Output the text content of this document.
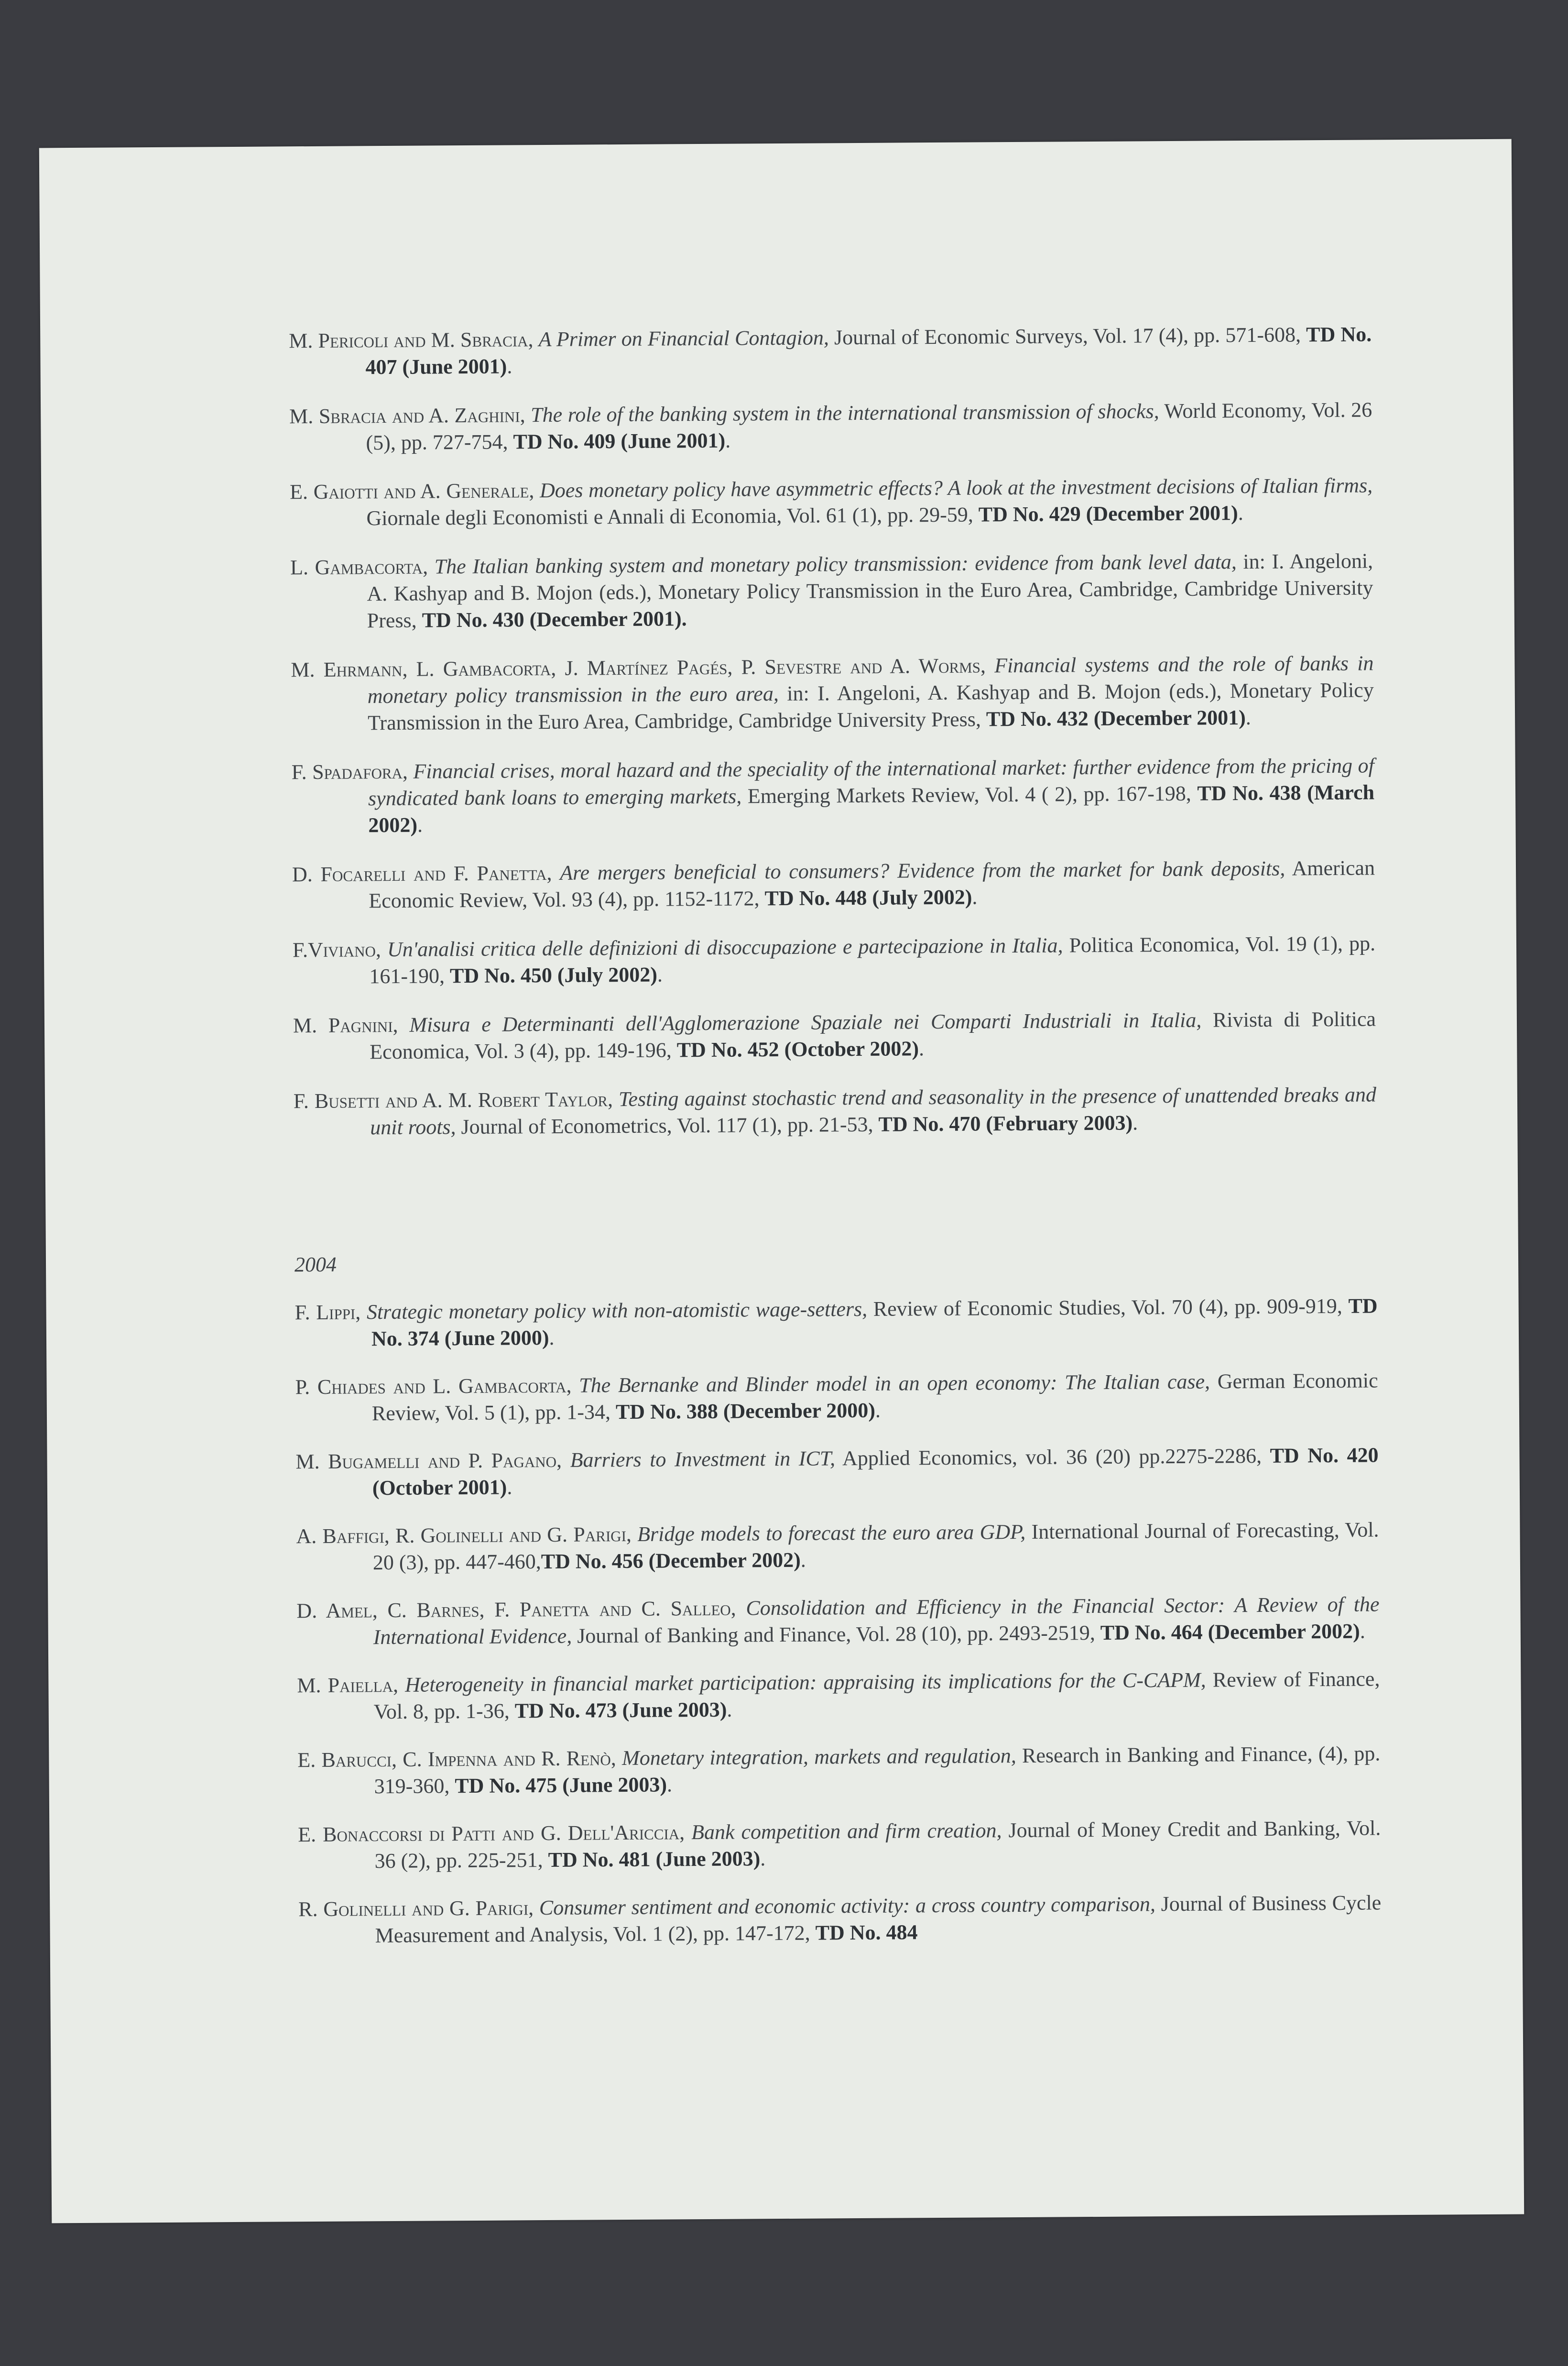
M. Pericoli and M. Sbracia, A Primer on Financial Contagion, Journal of Economic Surveys, Vol. 17 (4), pp. 571-608, TD No. 407 (June 2001).

M. Sbracia and A. Zaghini, The role of the banking system in the international transmission of shocks, World Economy, Vol. 26 (5), pp. 727-754, TD No. 409 (June 2001).

E. Gaiotti and A. Generale, Does monetary policy have asymmetric effects? A look at the investment decisions of Italian firms, Giornale degli Economisti e Annali di Economia, Vol. 61 (1), pp. 29-59, TD No. 429 (December 2001).

L. Gambacorta, The Italian banking system and monetary policy transmission: evidence from bank level data, in: I. Angeloni, A. Kashyap and B. Mojon (eds.), Monetary Policy Transmission in the Euro Area, Cambridge, Cambridge University Press, TD No. 430 (December 2001).

M. Ehrmann, L. Gambacorta, J. Martínez Pagés, P. Sevestre and A. Worms, Financial systems and the role of banks in monetary policy transmission in the euro area, in: I. Angeloni, A. Kashyap and B. Mojon (eds.), Monetary Policy Transmission in the Euro Area, Cambridge, Cambridge University Press, TD No. 432 (December 2001).

F. Spadafora, Financial crises, moral hazard and the speciality of the international market: further evidence from the pricing of syndicated bank loans to emerging markets, Emerging Markets Review, Vol. 4 ( 2), pp. 167-198, TD No. 438 (March 2002).

D. Focarelli and F. Panetta, Are mergers beneficial to consumers? Evidence from the market for bank deposits, American Economic Review, Vol. 93 (4), pp. 1152-1172, TD No. 448 (July 2002).

F.Viviano, Un'analisi critica delle definizioni di disoccupazione e partecipazione in Italia, Politica Economica, Vol. 19 (1), pp. 161-190, TD No. 450 (July 2002).

M. Pagnini, Misura e Determinanti dell'Agglomerazione Spaziale nei Comparti Industriali in Italia, Rivista di Politica Economica, Vol. 3 (4), pp. 149-196, TD No. 452 (October 2002).

F. Busetti and A. M. Robert Taylor, Testing against stochastic trend and seasonality in the presence of unattended breaks and unit roots, Journal of Econometrics, Vol. 117 (1), pp. 21-53, TD No. 470 (February 2003).

2004

F. Lippi, Strategic monetary policy with non-atomistic wage-setters, Review of Economic Studies, Vol. 70 (4), pp. 909-919, TD No. 374 (June 2000).

P. Chiades and L. Gambacorta, The Bernanke and Blinder model in an open economy: The Italian case, German Economic Review, Vol. 5 (1), pp. 1-34, TD No. 388 (December 2000).

M. Bugamelli and P. Pagano, Barriers to Investment in ICT, Applied Economics, vol. 36 (20) pp.2275-2286, TD No. 420 (October 2001).

A. Baffigi, R. Golinelli and G. Parigi, Bridge models to forecast the euro area GDP, International Journal of Forecasting, Vol. 20 (3), pp. 447-460,TD No. 456 (December 2002).

D. Amel, C. Barnes, F. Panetta and C. Salleo, Consolidation and Efficiency in the Financial Sector: A Review of the International Evidence, Journal of Banking and Finance, Vol. 28 (10), pp. 2493-2519, TD No. 464 (December 2002).

M. Paiella, Heterogeneity in financial market participation: appraising its implications for the C-CAPM, Review of Finance, Vol. 8, pp. 1-36, TD No. 473 (June 2003).

E. Barucci, C. Impenna and R. Renò, Monetary integration, markets and regulation, Research in Banking and Finance, (4), pp. 319-360, TD No. 475 (June 2003).

E. Bonaccorsi di Patti and G. Dell'Ariccia, Bank competition and firm creation, Journal of Money Credit and Banking, Vol. 36 (2), pp. 225-251, TD No. 481 (June 2003).

R. Golinelli and G. Parigi, Consumer sentiment and economic activity: a cross country comparison, Journal of Business Cycle Measurement and Analysis, Vol. 1 (2), pp. 147-172, TD No. 484
